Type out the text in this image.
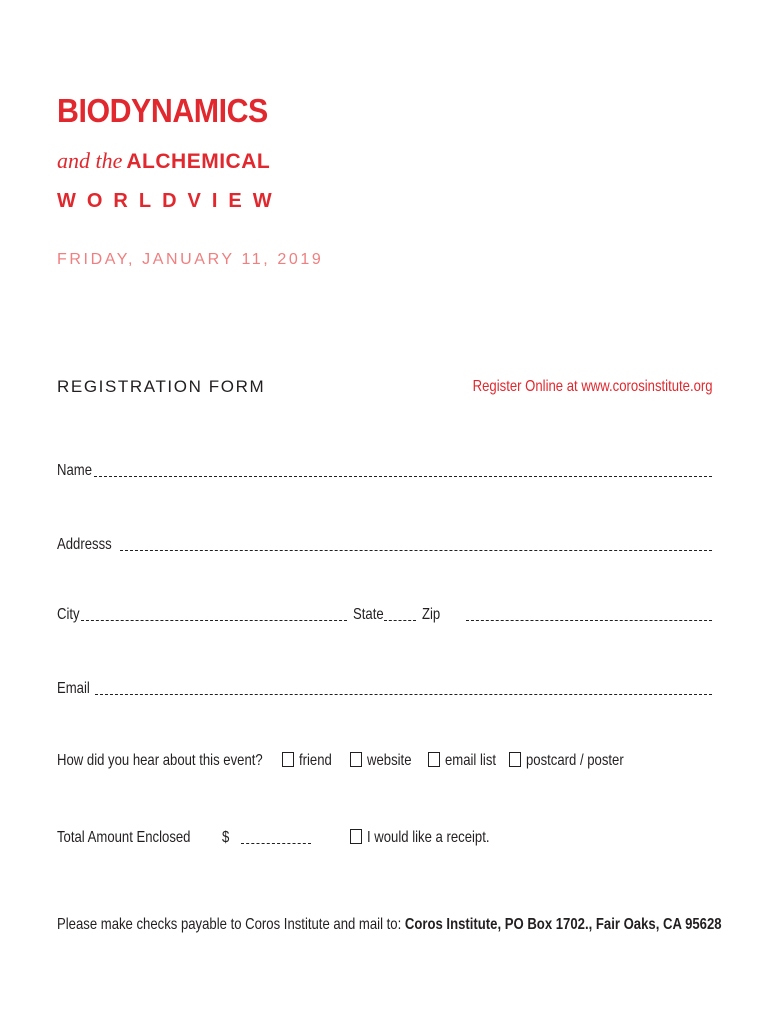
BIODYNAMICS
and the ALCHEMICAL
WORLDVIEW
FRIDAY, JANUARY 11, 2019
REGISTRATION FORM	Register Online at www.corosinstitute.org
Name
Addresss
City	State Zip
Email
How did you hear about this event?	friend	website	email list	postcard / poster
Total Amount Enclosed	$	I would like a receipt.
Please make checks payable to Coros Institute and mail to: Coros Institute, PO Box 1702., Fair Oaks, CA 95628
